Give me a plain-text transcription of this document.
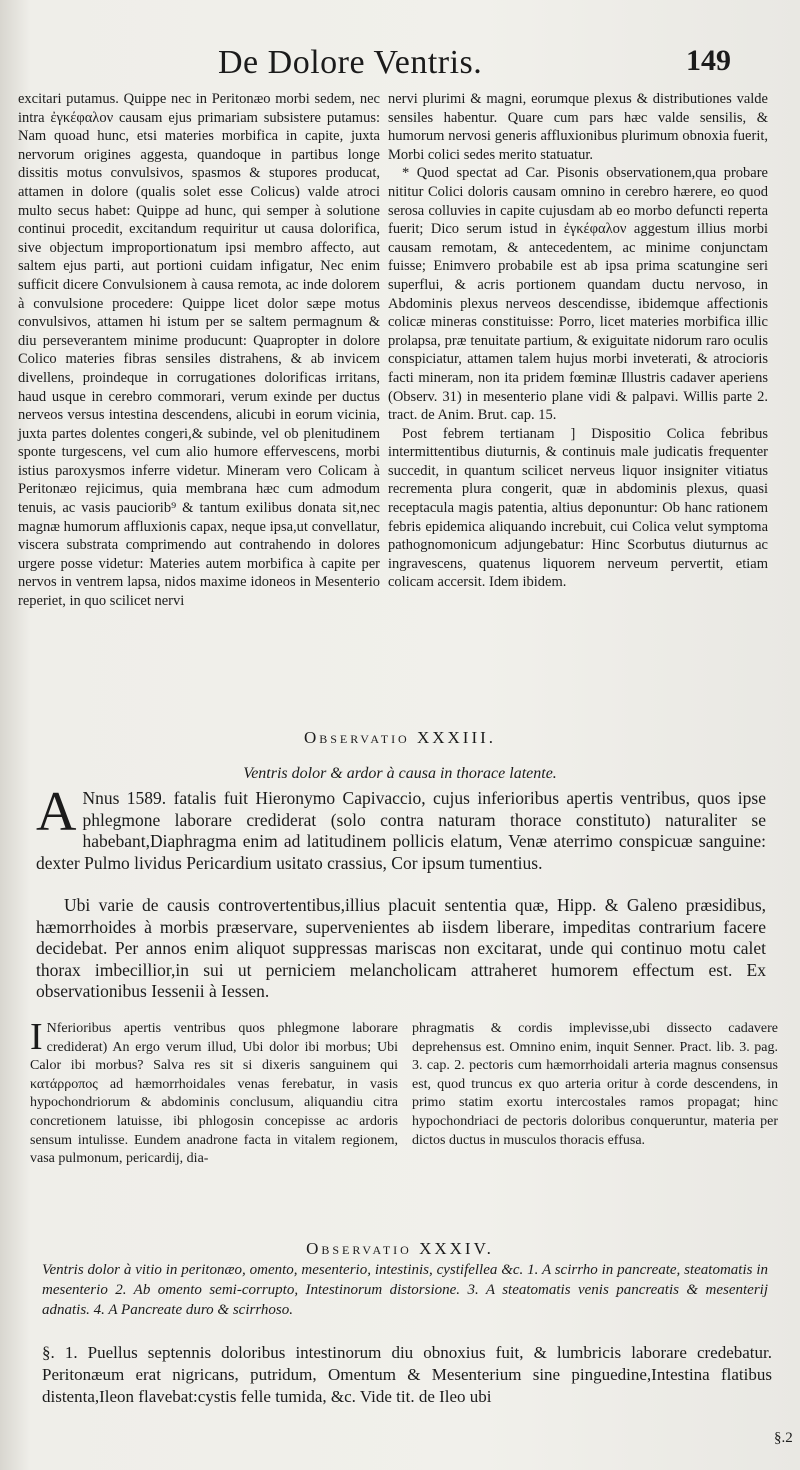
De Dolore Ventris.	149

excitari putamus. Quippe nec in Peritonæo morbi sedem, nec intra ἐγκέφαλον causam ejus primariam subsistere putamus: Nam quoad hunc, etsi materies morbifica in capite, juxta nervorum origines aggesta, quandoque in partibus longe dissitis motus convulsivos, spasmos & stupores producat, attamen in dolore (qualis solet esse Colicus) valde atroci multo secus habet: Quippe ad hunc, qui semper à solutione continui procedit, excitandum requiritur ut causa dolorifica, sive objectum improportionatum ipsi membro affecto, aut saltem ejus parti, aut portioni cuidam infigatur, Nec enim sufficit dicere Convulsionem à causa remota, ac inde dolorem à convulsione procedere: Quippe licet dolor sæpe motus convulsivos, attamen hi istum per se saltem permagnum & diu perseverantem minime producunt: Quapropter in dolore Colico materies fibras sensiles distrahens, & ab invicem divellens, proindeque in corrugationes dolorificas irritans, haud usque in cerebro commorari, verum exinde per ductus nerveos versus intestina descendens, alicubi in eorum vicinia, juxta partes dolentes congeri,& subinde, vel ob plenitudinem sponte turgescens, vel cum alio humore effervescens, morbi istius paroxysmos inferre videtur. Mineram vero Colicam à Peritonæo rejicimus, quia membrana hæc cum admodum tenuis, ac vasis pauciorib⁹ & tantum exilibus donata sit,nec magnæ humorum affluxionis capax, neque ipsa,ut convellatur, viscera substrata comprimendo aut contrahendo in dolores urgere posse videtur: Materies autem morbifica à capite per nervos in ventrem lapsa, nidos maxime idoneos in Mesenterio reperiet, in quo scilicet nervi

nervi plurimi & magni, eorumque plexus & distributiones valde sensiles habentur. Quare cum pars hæc valde sensilis, & humorum nervosi generis affluxionibus plurimum obnoxia fuerit, Morbi colici sedes merito statuatur.

* Quod spectat ad Car. Pisonis observationem,qua probare nititur Colici doloris causam omnino in cerebro hærere, eo quod serosa colluvies in capite cujusdam ab eo morbo defuncti reperta fuerit; Dico serum istud in ἐγκέφαλον aggestum illius morbi causam remotam, & antecedentem, ac minime conjunctam fuisse; Enimvero probabile est ab ipsa prima scatungine seri superflui, & acris portionem quandam ductu nervoso, in Abdominis plexus nerveos descendisse, ibidemque affectionis colicæ mineras constituisse: Porro, licet materies morbifica illic prolapsa, præ tenuitate partium, & exiguitate nidorum raro oculis conspiciatur, attamen talem hujus morbi inveterati, & atrocioris facti mineram, non ita pridem fœminæ Illustris cadaver aperiens (Observ. 31) in mesenterio plane vidi & palpavi. Willis parte 2. tract. de Anim. Brut. cap. 15.

Post febrem tertianam ] Dispositio Colica febribus intermittentibus diuturnis, & continuis male judicatis frequenter succedit, in quantum scilicet nerveus liquor insigniter vitiatus recrementa plura congerit, quæ in abdominis plexus, quasi receptacula magis patentia, altius deponuntur: Ob hanc rationem febris epidemica aliquando increbuit, cui Colica velut symptoma pathognomonicum adjungebatur: Hinc Scorbutus diuturnus ac ingravescens, quatenus liquorem nerveum pervertit, etiam colicam accersit. Idem ibidem.

Observatio XXXIII.
Ventris dolor & ardor à causa in thorace latente.
A Nnus 1589. fatalis fuit Hieronymo Capivaccio, cujus inferioribus apertis ventribus, quos ipse phlegmone laborare crediderat (solo contra naturam thorace constituto) naturaliter se habebant,Diaphragma enim ad latitudinem pollicis elatum, Venæ aterrimo conspicuæ sanguine: dexter Pulmo lividus Pericardium usitato crassius, Cor ipsum tumentius.

Ubi varie de causis controvertentibus,illius placuit sententia quæ, Hipp. & Galeno præsidibus, hæmorrhoides à morbis præservare, supervenientes ab iisdem liberare, impeditas contrarium facere decidebat. Per annos enim aliquot suppressas mariscas non excitarat, unde qui continuo motu calet thorax imbecillior,in sui ut perniciem melancholicam attraheret humorem effectum est. Ex observationibus Iessenii à Iessen.

I Nferioribus apertis ventribus quos phlegmone laborare crediderat) An ergo verum illud, Ubi dolor ibi morbus; Ubi Calor ibi morbus? Salva res sit si dixeris sanguinem qui κατάρροπος ad hæmorrhoidales venas ferebatur, in vasis hypochondriorum & abdominis conclusum, aliquandiu citra concretionem latuisse, ibi phlogosin concepisse ac ardoris sensum intulisse. Eundem anadrone facta in vitalem regionem, vasa pulmonum, pericardij, dia-

phragmatis & cordis implevisse,ubi dissecto cadavere deprehensus est. Omnino enim, inquit Senner. Pract. lib. 3. pag. 3. cap. 2. pectoris cum hæmorrhoidali arteria magnus consensus est, quod truncus ex quo arteria oritur à corde descendens, in primo statim exortu intercostales ramos propagat; hinc hypochondriaci de pectoris doloribus conqueruntur, materia per dictos ductus in musculos thoracis effusa.

Observatio XXXIV.
Ventris dolor à vitio in peritonæo, omento, mesenterio, intestinis, cystifellea &c. 1. A scirrho in pancreate, steatomatis in mesenterio 2. Ab omento semi-corrupto, Intestinorum distorsione. 3. A steatomatis venis pancreatis & mesenterij adnatis. 4. A Pancreate duro & scirrhoso.
§. 1. Puellus septennis doloribus intestinorum diu obnoxius fuit, & lumbricis laborare credebatur. Peritonæum erat nigricans, putridum, Omentum & Mesenterium sine pinguedine,Intestina flatibus distenta,Ileon flavebat:cystis felle tumida, &c. Vide tit. de Ileo ubi
§.2
